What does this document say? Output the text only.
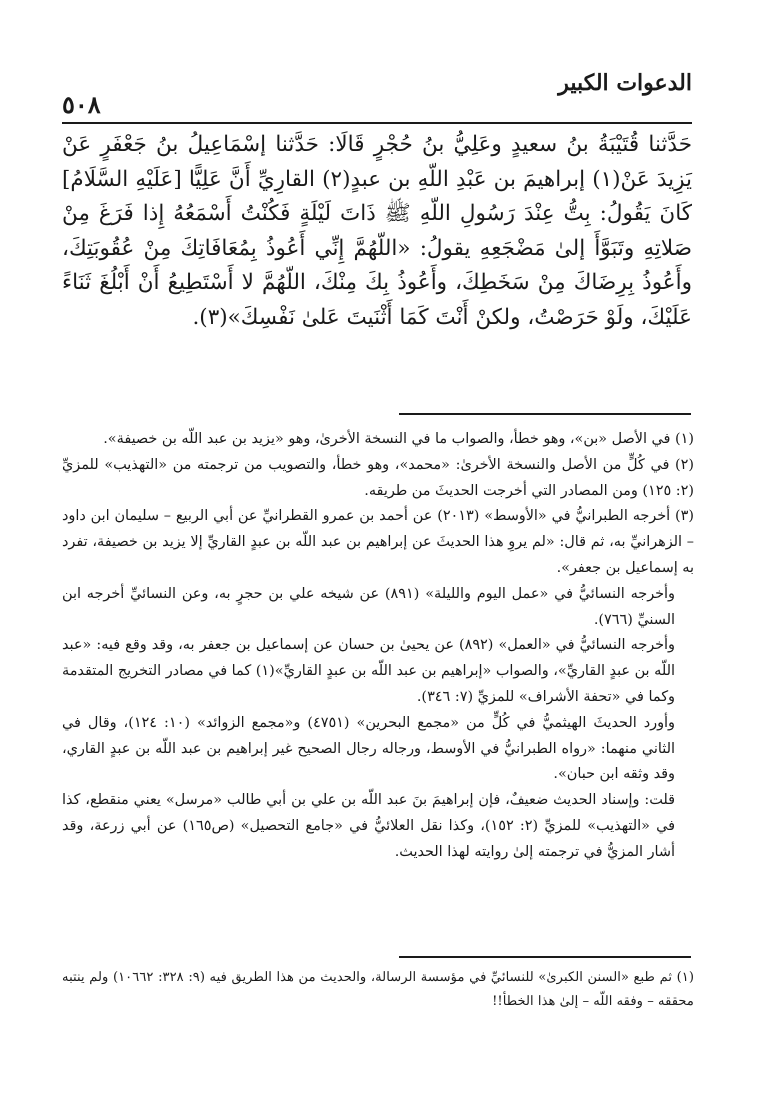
الدعوات الكبير
٥٠٨

حَدَّثنا قُتَيْبَةُ بنُ سعيدٍ وعَلِيُّ بنُ حُجْرٍ قَالَا: حَدَّثنا إسْمَاعِيلُ بنُ جَعْفَرٍ عَنْ يَزِيدَ عَنْ(١) إبراهيمَ بن عَبْدِ اللّهِ بن عبدٍ(٢) القارِيِّ أَنَّ عَلِيًّا [عَلَيْهِ السَّلَامُ] كَانَ يَقُولُ: بِتُّ عِنْدَ رَسُولِ اللّهِ ﷺ ذَاتَ لَيْلَةٍ فَكُنْتُ أَسْمَعُهُ إِذا فَرَغَ مِنْ صَلاتِهِ وتَبَوَّأَ إلىٰ مَضْجَعِهِ يقولُ: «اللّهُمَّ إِنِّي أَعُوذُ بِمُعَافَاتِكَ مِنْ عُقُوبَتِكَ، وأَعُوذُ بِرِضَاكَ مِنْ سَخَطِكَ، وأَعُوذُ بِكَ مِنْكَ، اللّهُمَّ لا أَسْتَطِيعُ أَنْ أَبْلُغَ ثَنَاءً عَلَيْكَ، ولَوْ حَرَصْتُ، ولكنْ أَنْتَ كَمَا أَثْنَيتَ عَلىٰ نَفْسِكَ»(٣).

(١) في الأصل «بن»، وهو خطأ، والصواب ما في النسخة الأخرىٰ، وهو «يزيد بن عبد اللّه بن خصيفة».
(٢) في كُلٍّ من الأصل والنسخة الأخرىٰ: «محمد»، وهو خطأ، والتصويب من ترجمته من «التهذيب» للمزيِّ (٢: ١٢٥) ومن المصادر التي أخرجت الحديثَ من طريقه.
(٣) أخرجه الطبرانيُّ في «الأوسط» (٢٠١٣) عن أحمد بن عمرو القطرانيِّ عن أبي الربيع – سليمان ابن داود – الزهرانيِّ به، ثم قال: «لم يروِ هذا الحديثَ عن إبراهيم بن عبد اللّه بن عبدٍ القاريِّ إلا يزيد بن خصيفة، تفرد به إسماعيل بن جعفر».
وأخرجه النسائيُّ في «عمل اليوم والليلة» (٨٩١) عن شيخه علي بن حجرٍ به، وعن النسائيِّ أخرجه ابن السنيِّ (٧٦٦).
وأخرجه النسائيُّ في «العمل» (٨٩٢) عن يحيىٰ بن حسان عن إسماعيل بن جعفر به، وقد وقع فيه: «عبد اللّه بن عبدٍ القاريِّ»، والصواب «إبراهيم بن عبد اللّه بن عبدٍ القاريِّ»(١) كما في مصادر التخريج المتقدمة وكما في «تحفة الأشراف» للمزيِّ (٧: ٣٤٦).
وأورد الحديثَ الهيثميُّ في كُلٍّ من «مجمع البحرين» (٤٧٥١) و«مجمع الزوائد» (١٠: ١٢٤)، وقال في الثاني منهما: «رواه الطبرانيُّ في الأوسط، ورجاله رجال الصحيح غير إبراهيم بن عبد اللّه بن عبدٍ القاري، وقد وثقه ابن حبان».
قلت: وإسناد الحديث ضعيفٌ، فإن إبراهيمَ بنَ عبد اللّه بن علي بن أبي طالب «مرسل» يعني منقطع، كذا في «التهذيب» للمزيِّ (٢: ١٥٢)، وكذا نقل العلائيُّ في «جامع التحصيل» (ص١٦٥) عن أبي زرعة، وقد أشار المزيُّ في ترجمته إلىٰ روايته لهذا الحديث.
(١) ثم طبع «السنن الكبرىٰ» للنسائيِّ في مؤسسة الرسالة، والحديث من هذا الطريق فيه (٩: ٣٢٨: ١٠٦٦٢) ولم ينتبه محققه – وفقه اللّه – إلىٰ هذا الخطأ!!
